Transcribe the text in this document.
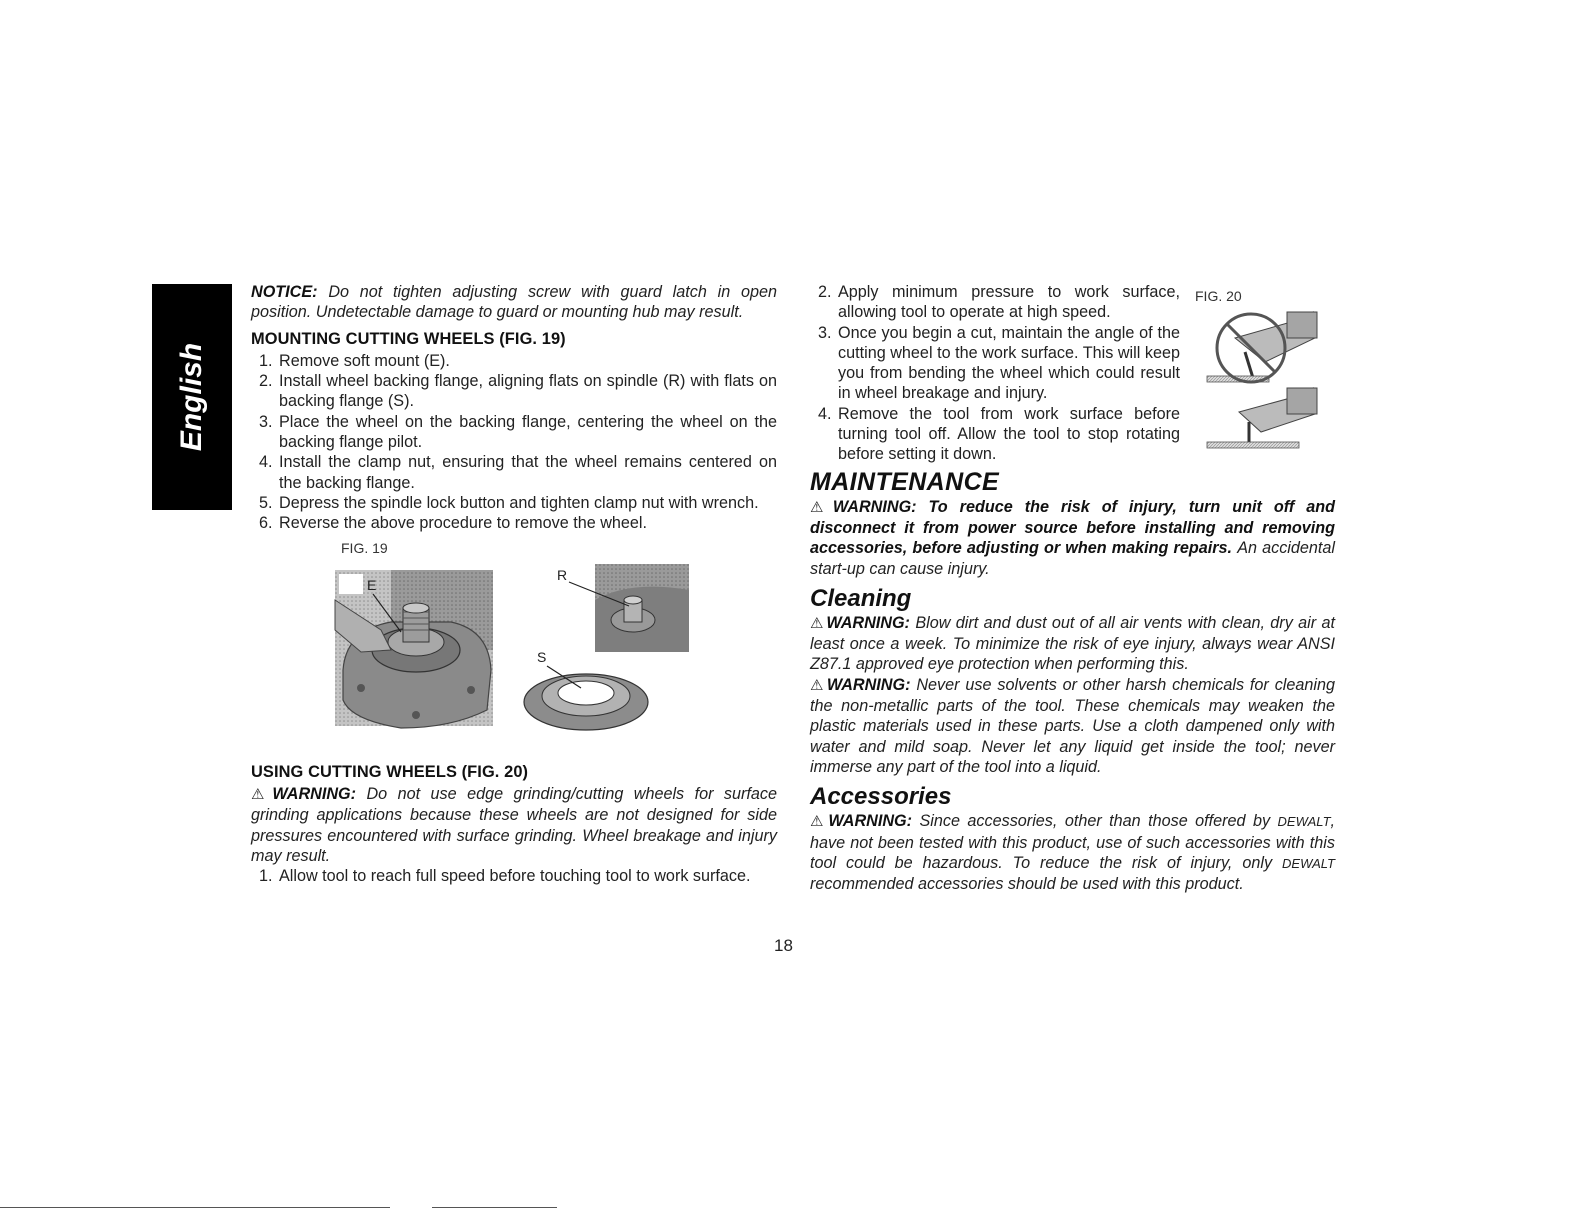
English

NOTICE: Do not tighten adjusting screw with guard latch in open position. Undetectable damage to guard or mounting hub may result.

MOUNTING CUTTING WHEELS (FIG. 19)
1. Remove soft mount (E).
2. Install wheel backing flange, aligning flats on spindle (R) with flats on backing flange (S).
3. Place the wheel on the backing flange, centering the wheel on the backing flange pilot.
4. Install the clamp nut, ensuring that the wheel remains centered on the backing flange.
5. Depress the spindle lock button and tighten clamp nut with wrench.
6. Reverse the above procedure to remove the wheel.
FIG. 19
E
R
S
USING CUTTING WHEELS (FIG. 20)

⚠ WARNING: Do not use edge grinding/cutting wheels for surface grinding applications because these wheels are not designed for side pressures encountered with surface grinding. Wheel breakage and injury may result.

1. Allow tool to reach full speed before touching tool to work surface.
2. Apply minimum pressure to work surface, allowing tool to operate at high speed.
3. Once you begin a cut, maintain the angle of the cutting wheel to the work surface. This will keep you from bending the wheel which could result in wheel breakage and injury.
4. Remove the tool from work surface before turning tool off. Allow the tool to stop rotating before setting it down.
FIG. 20
MAINTENANCE

⚠ WARNING: To reduce the risk of injury, turn unit off and disconnect it from power source before installing and removing accessories, before adjusting or when making repairs. An accidental start-up can cause injury.

Cleaning

⚠ WARNING: Blow dirt and dust out of all air vents with clean, dry air at least once a week. To minimize the risk of eye injury, always wear ANSI Z87.1 approved eye protection when performing this.

⚠ WARNING: Never use solvents or other harsh chemicals for cleaning the non-metallic parts of the tool. These chemicals may weaken the plastic materials used in these parts. Use a cloth dampened only with water and mild soap. Never let any liquid get inside the tool; never immerse any part of the tool into a liquid.

Accessories

⚠ WARNING: Since accessories, other than those offered by DEWALT, have not been tested with this product, use of such accessories with this tool could be hazardous. To reduce the risk of injury, only DEWALT recommended accessories should be used with this product.

18
